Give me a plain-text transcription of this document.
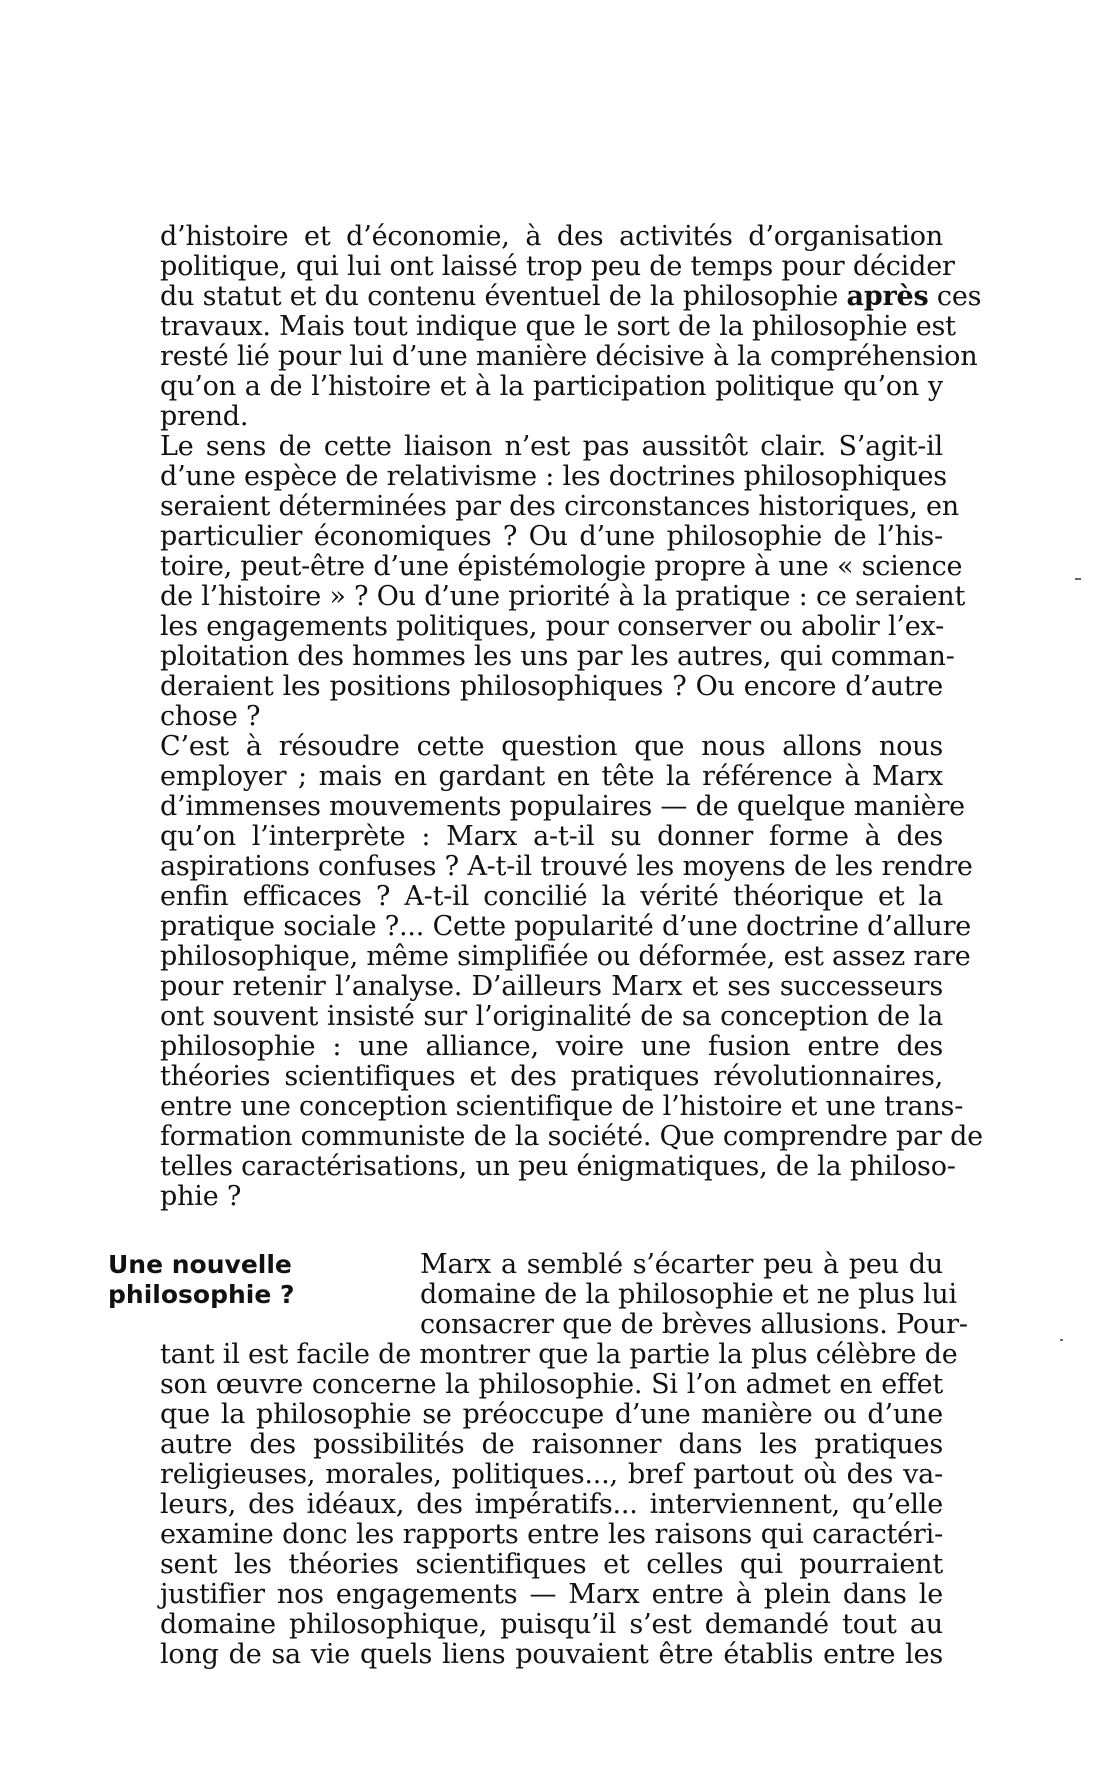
d’histoire et d’économie, à des activités d’organisation
politique, qui lui ont laissé trop peu de temps pour décider
du statut et du contenu éventuel de la philosophie après ces
travaux. Mais tout indique que le sort de la philosophie est
resté lié pour lui d’une manière décisive à la compréhension
qu’on a de l’histoire et à la participation politique qu’on y
prend.
Le sens de cette liaison n’est pas aussitôt clair. S’agit-il
d’une espèce de relativisme : les doctrines philosophiques
seraient déterminées par des circonstances historiques, en
particulier économiques ? Ou d’une philosophie de l’his-
toire, peut-être d’une épistémologie propre à une « science
de l’histoire » ? Ou d’une priorité à la pratique : ce seraient
les engagements politiques, pour conserver ou abolir l’ex-
ploitation des hommes les uns par les autres, qui comman-
deraient les positions philosophiques ? Ou encore d’autre
chose ?
C’est à résoudre cette question que nous allons nous
employer ; mais en gardant en tête la référence à Marx
d’immenses mouvements populaires — de quelque manière
qu’on l’interprète : Marx a-t-il su donner forme à des
aspirations confuses ? A-t-il trouvé les moyens de les rendre
enfin efficaces ? A-t-il concilié la vérité théorique et la
pratique sociale ?... Cette popularité d’une doctrine d’allure
philosophique, même simplifiée ou déformée, est assez rare
pour retenir l’analyse. D’ailleurs Marx et ses successeurs
ont souvent insisté sur l’originalité de sa conception de la
philosophie : une alliance, voire une fusion entre des
théories scientifiques et des pratiques révolutionnaires,
entre une conception scientifique de l’histoire et une trans-
formation communiste de la société. Que comprendre par de
telles caractérisations, un peu énigmatiques, de la philoso-
phie ?
Une nouvelle
philosophie ?
Marx a semblé s’écarter peu à peu du
domaine de la philosophie et ne plus lui
consacrer que de brèves allusions. Pour-
tant il est facile de montrer que la partie la plus célèbre de
son œuvre concerne la philosophie. Si l’on admet en effet
que la philosophie se préoccupe d’une manière ou d’une
autre des possibilités de raisonner dans les pratiques
religieuses, morales, politiques..., bref partout où des va-
leurs, des idéaux, des impératifs... interviennent, qu’elle
examine donc les rapports entre les raisons qui caractéri-
sent les théories scientifiques et celles qui pourraient
justifier nos engagements — Marx entre à plein dans le
domaine philosophique, puisqu’il s’est demandé tout au
long de sa vie quels liens pouvaient être établis entre les
